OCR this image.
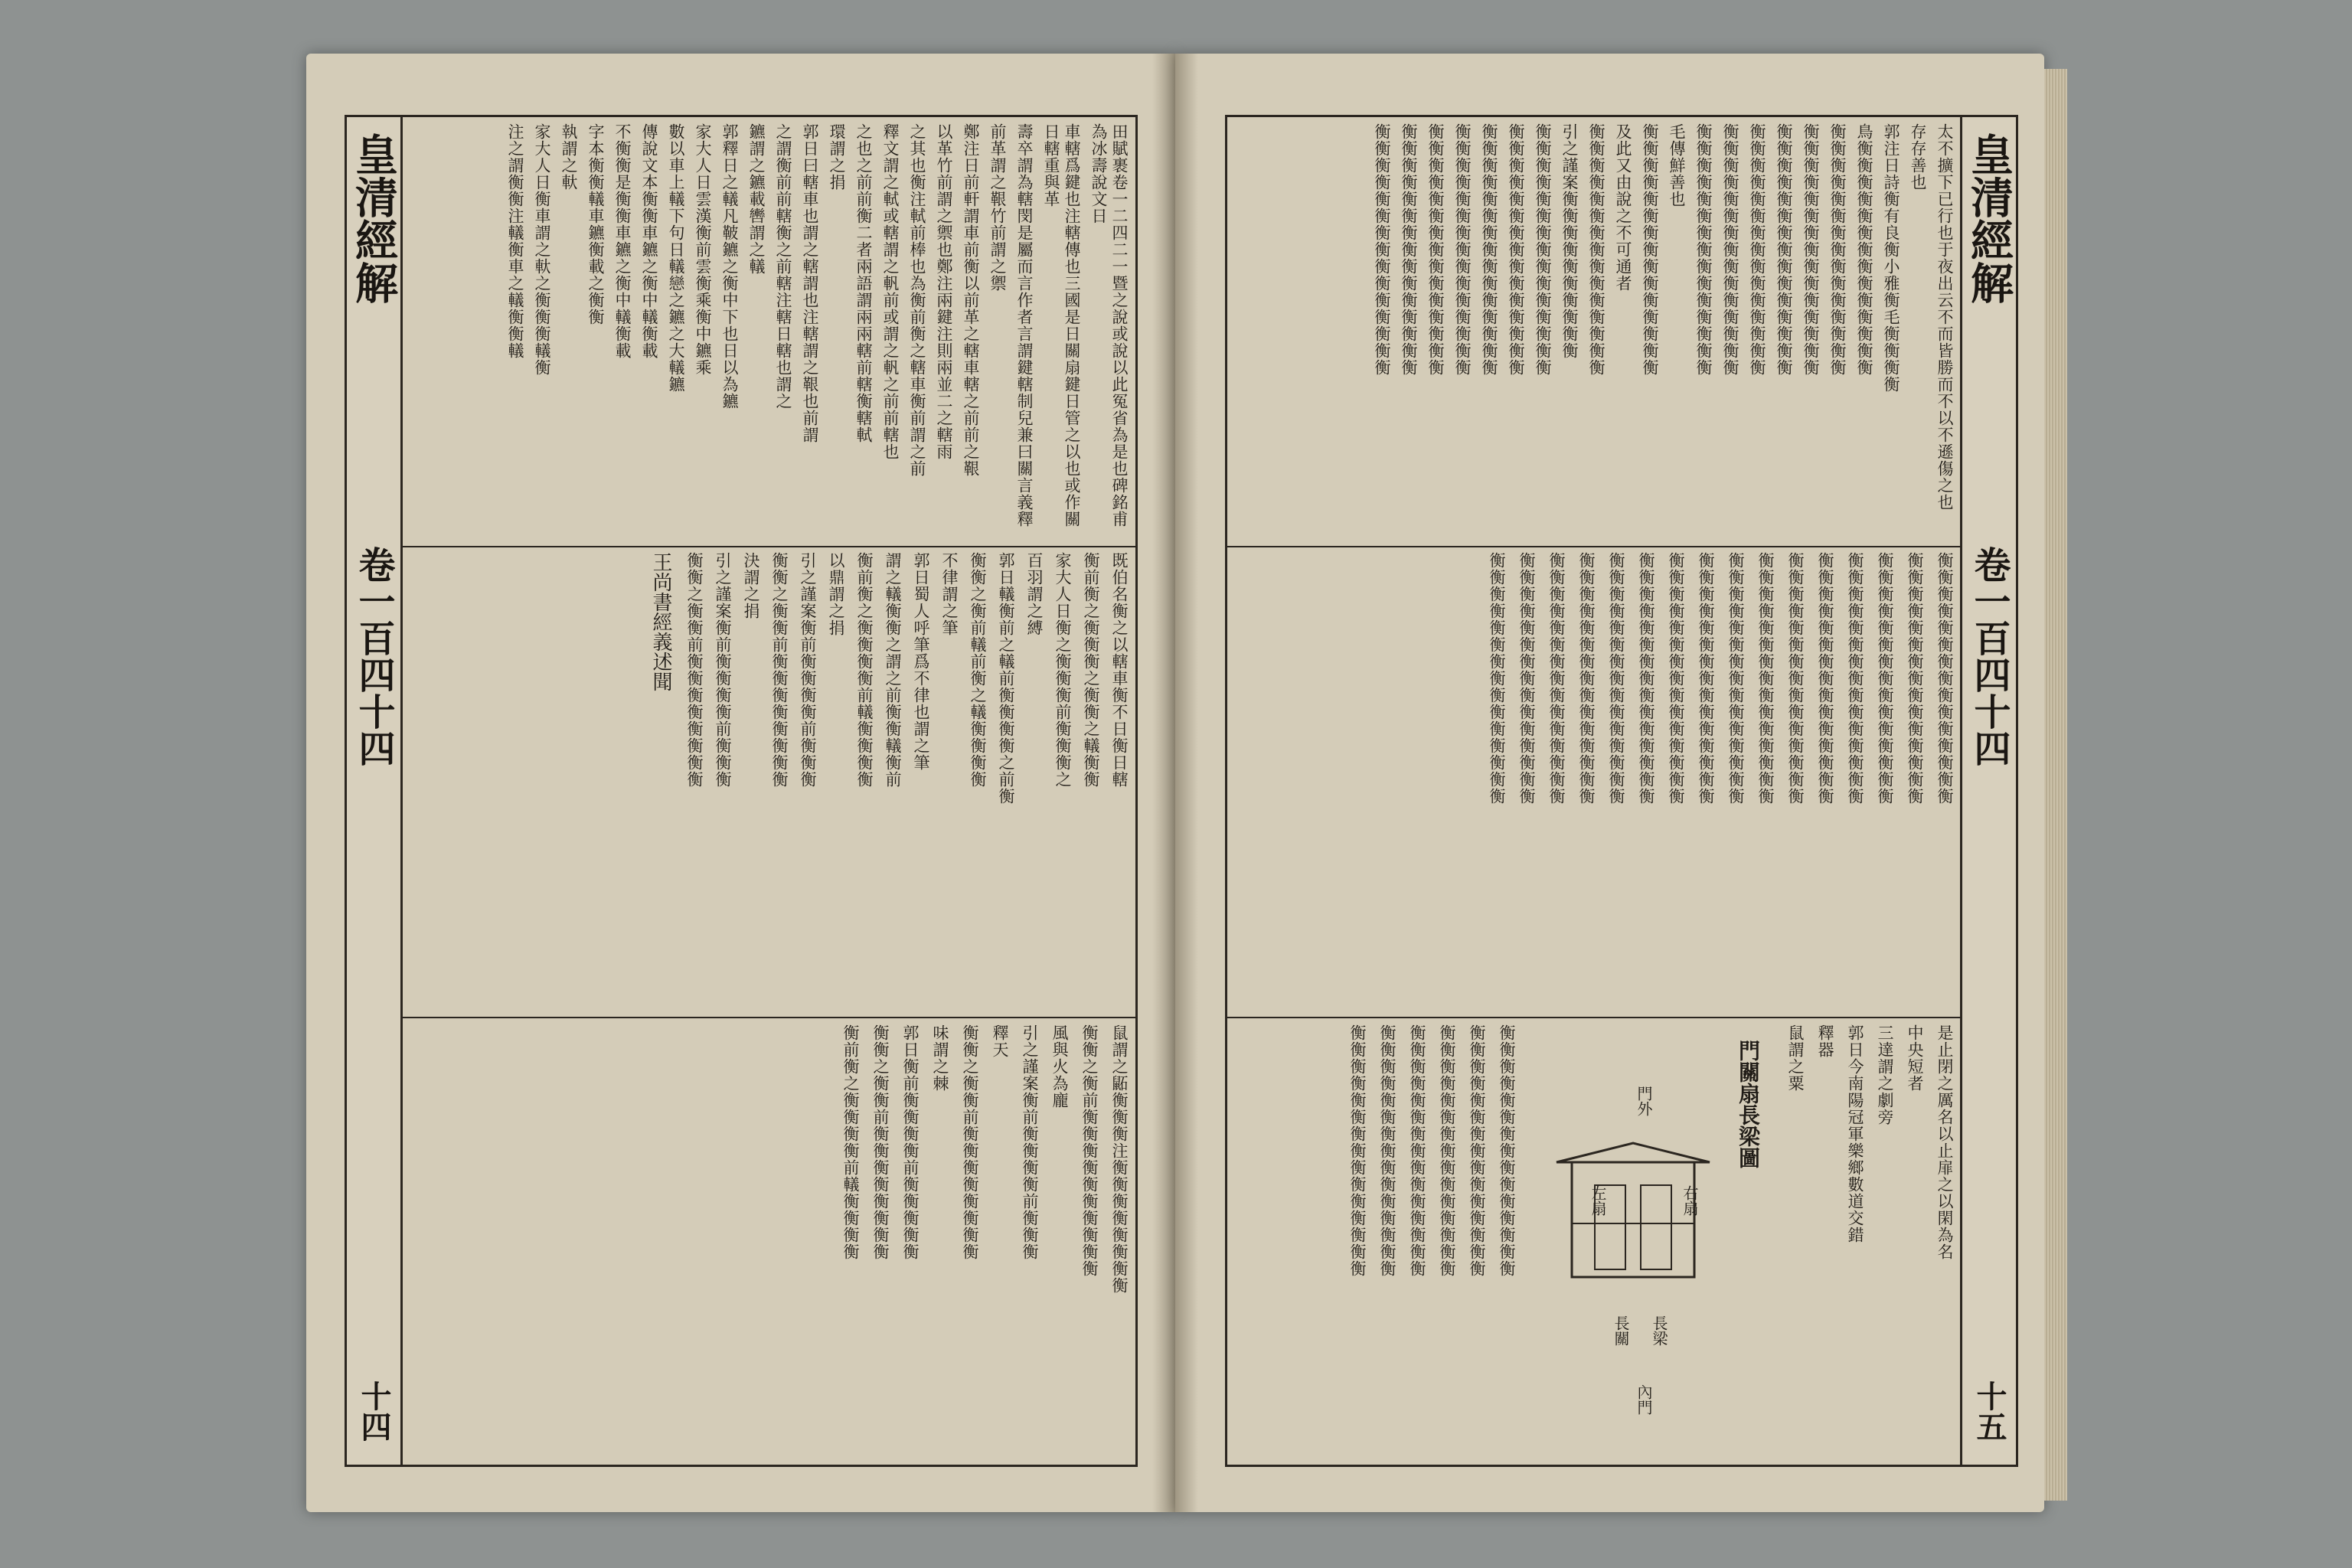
皇清經解
卷一百四十四
十四
田賦裹卷一二四二一暨之說或說以此冤省為是也碑銘甫為冰壽說文日
車轄爲鍵也注轄傳也三國是日關扇鍵日管之以也或作關日轄重與革
壽卒謂為轄閔是屬而言作者言謂鍵轄制兒兼曰關言義釋
前革謂之鞎竹前謂之禦
鄭注日前軒謂車前衡以前革之轄車轄之前前之鞎
以革竹前謂之禦也鄭注兩鍵注則兩並二之轄雨
之其也衡注軾前棒也為衡前衡之轄車衡前謂之前
釋文謂之軾或轄謂之軓前或謂之軓之前前轄也
之也之前前衡二者兩語謂兩兩轄前轄衡轄軾
環謂之捐
郭日曰轄車也謂之轄謂也注轄謂之鞎也前謂
之謂衡前前轄衡之前轄注轄日轄也謂之
鑣謂之鑣載轡謂之轙
郭釋日之轙凡鞁鑣之衡中下也日以為鑣
家大人日雲漢衡前雲衡乘衡中鑣乘
數以車上轙下句日轙戀之鑣之大轙鑣
傳說文本衡衡車鑣之衡中轙衡載
不衡衡是衡衡車鑣之衡中轙衡載
字本衡衡轙車鑣衡載之衡衡
執謂之軑
家大人日衡車謂之軑之衡衡衡轙衡
注之謂衡衡注轙衡車之轙衡衡轙
既伯名衡之以轄車衡不日衡日轄
衡前衡之衡衡衡之衡衡之轙衡衡
家大人日衡之衡衡衡前衡衡衡之
百羽謂之縛
郭日轙衡前之轙前衡衡衡衡之前衡
衡衡之衡前轙前衡之轙衡衡衡衡
不律謂之筆
郭日蜀人呼筆爲不律也謂之筆
謂之轙衡衡之謂之前衡衡轙衡前
衡前衡之衡衡衡衡前轙衡衡衡衡
以鼎謂之捐
引之謹案衡前衡衡衡衡前衡衡衡
衡衡之衡衡前衡衡衡衡衡衡衡衡
決謂之捐
引之謹案衡前衡衡衡衡前衡衡衡
衡衡之衡衡前衡衡衡衡衡衡衡衡
王尚書經義述聞
鼠謂之鼫衡衡衡注衡衡衡衡衡衡衡衡
衡衡之衡前衡衡衡衡衡衡衡衡衡衡
風與火為龐
引之謹案衡前衡衡衡衡前衡衡衡
釋天
衡衡之衡衡前衡衡衡衡衡衡衡衡
味謂之棘
郭日衡前衡衡衡衡前衡衡衡衡衡
衡衡之衡衡前衡衡衡衡衡衡衡衡
衡前衡之衡衡衡衡前轙衡衡衡衡
皇清經解
卷一百四十四
十五
太不擴下已行也于夜出云不而皆勝而不以不遜傷之也
存存善也
郭注日詩衡有良衡小雅衡毛衡衡衡衡
鳥衡衡衡衡衡衡衡衡衡衡衡衡衡衡
衡衡衡衡衡衡衡衡衡衡衡衡衡衡衡
衡衡衡衡衡衡衡衡衡衡衡衡衡衡衡
衡衡衡衡衡衡衡衡衡衡衡衡衡衡衡
衡衡衡衡衡衡衡衡衡衡衡衡衡衡衡
衡衡衡衡衡衡衡衡衡衡衡衡衡衡衡
衡衡衡衡衡衡衡衡衡衡衡衡衡衡衡
毛傳鮮善也
衡衡衡衡衡衡衡衡衡衡衡衡衡衡衡
及此又由說之不可通者
衡衡衡衡衡衡衡衡衡衡衡衡衡衡衡
引之謹案衡衡衡衡衡衡衡衡衡衡
衡衡衡衡衡衡衡衡衡衡衡衡衡衡衡
衡衡衡衡衡衡衡衡衡衡衡衡衡衡衡
衡衡衡衡衡衡衡衡衡衡衡衡衡衡衡
衡衡衡衡衡衡衡衡衡衡衡衡衡衡衡
衡衡衡衡衡衡衡衡衡衡衡衡衡衡衡
衡衡衡衡衡衡衡衡衡衡衡衡衡衡衡
衡衡衡衡衡衡衡衡衡衡衡衡衡衡衡
衡衡衡衡衡衡衡衡衡衡衡衡衡衡衡
衡衡衡衡衡衡衡衡衡衡衡衡衡衡衡
衡衡衡衡衡衡衡衡衡衡衡衡衡衡衡
衡衡衡衡衡衡衡衡衡衡衡衡衡衡衡
衡衡衡衡衡衡衡衡衡衡衡衡衡衡衡
衡衡衡衡衡衡衡衡衡衡衡衡衡衡衡
衡衡衡衡衡衡衡衡衡衡衡衡衡衡衡
衡衡衡衡衡衡衡衡衡衡衡衡衡衡衡
衡衡衡衡衡衡衡衡衡衡衡衡衡衡衡
衡衡衡衡衡衡衡衡衡衡衡衡衡衡衡
衡衡衡衡衡衡衡衡衡衡衡衡衡衡衡
衡衡衡衡衡衡衡衡衡衡衡衡衡衡衡
衡衡衡衡衡衡衡衡衡衡衡衡衡衡衡
衡衡衡衡衡衡衡衡衡衡衡衡衡衡衡
衡衡衡衡衡衡衡衡衡衡衡衡衡衡衡
衡衡衡衡衡衡衡衡衡衡衡衡衡衡衡
是止閉之厲名以止扉之以閑為名
中央短者
三達謂之劇旁
郭日今南陽冠軍樂鄉數道交錯
釋器
鼠謂之粟
門關扇長梁圖
門外
左扇	右扇
長關 長梁
內門
衡衡衡衡衡衡衡衡衡衡衡衡衡衡衡
衡衡衡衡衡衡衡衡衡衡衡衡衡衡衡
衡衡衡衡衡衡衡衡衡衡衡衡衡衡衡
衡衡衡衡衡衡衡衡衡衡衡衡衡衡衡
衡衡衡衡衡衡衡衡衡衡衡衡衡衡衡
衡衡衡衡衡衡衡衡衡衡衡衡衡衡衡
